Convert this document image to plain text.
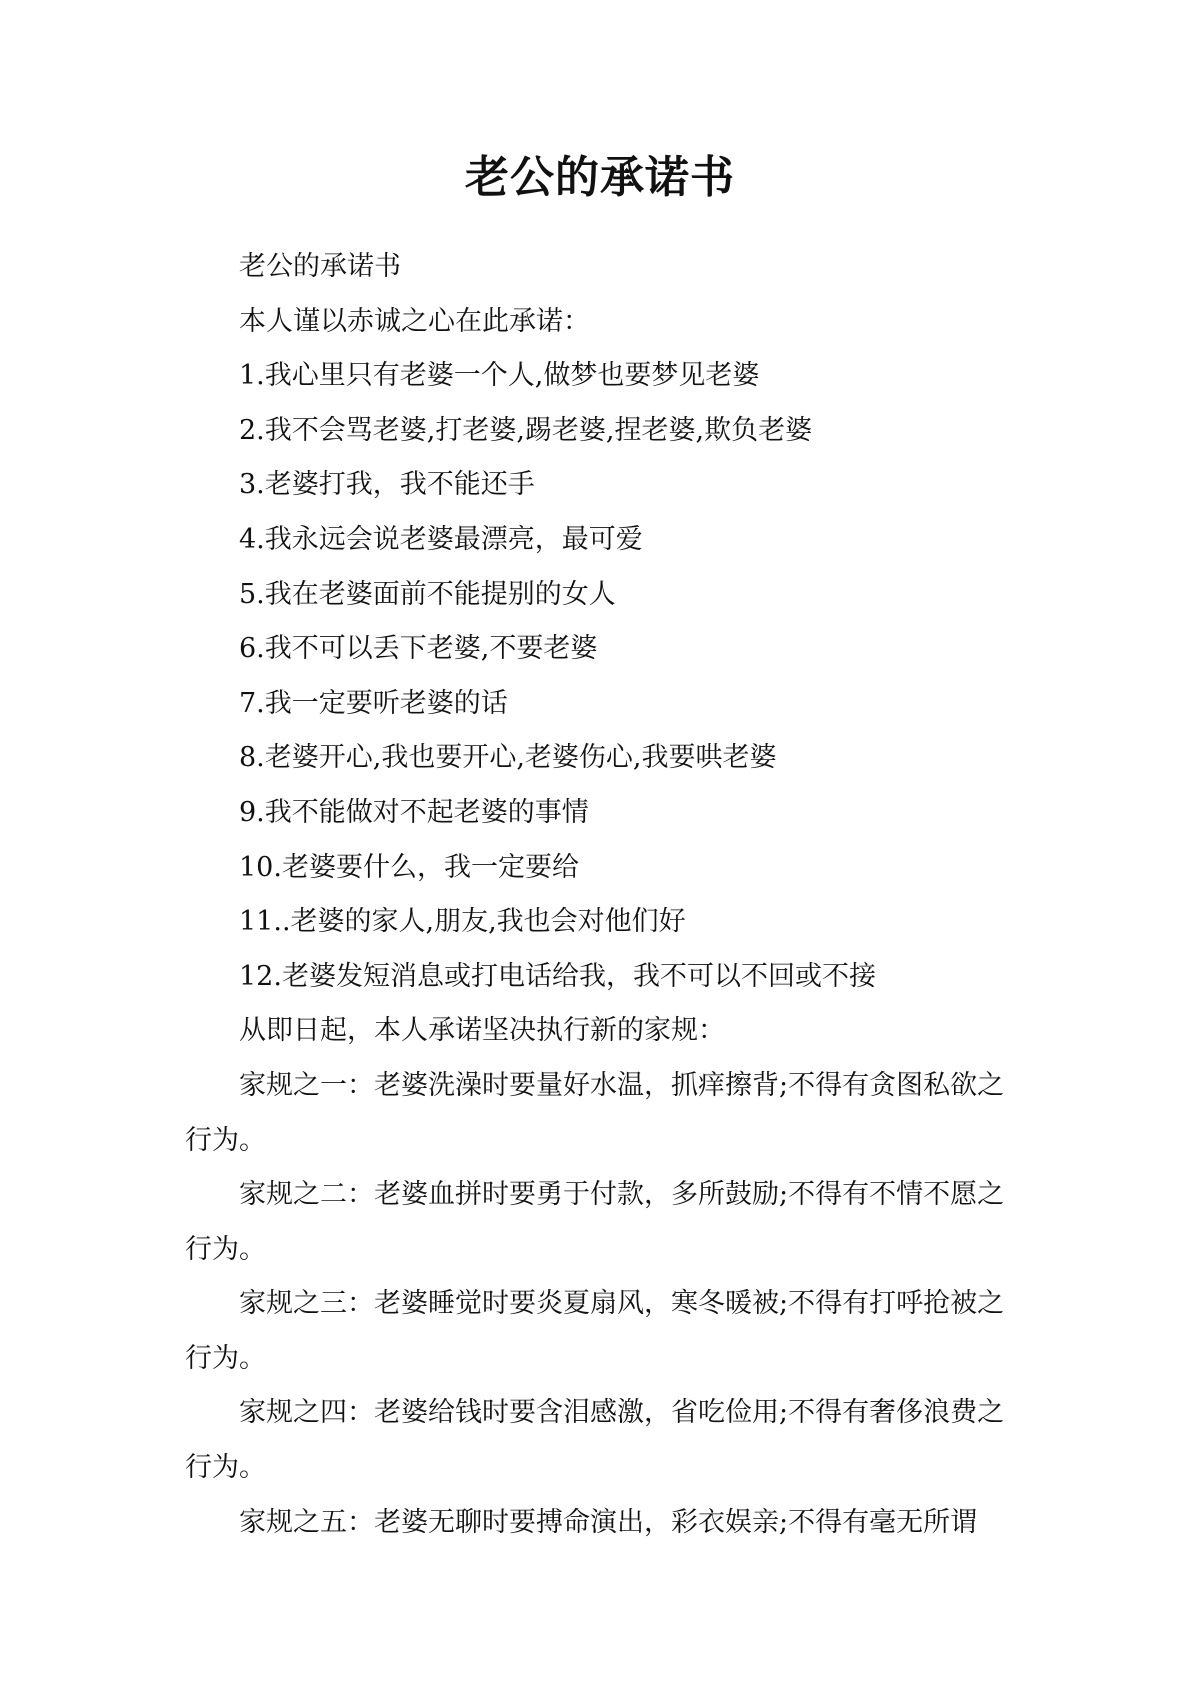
老公的承诺书

老公的承诺书

本人谨以赤诚之心在此承诺：

1.我心里只有老婆一个人,做梦也要梦见老婆

2.我不会骂老婆,打老婆,踢老婆,捏老婆,欺负老婆

3.老婆打我，我不能还手

4.我永远会说老婆最漂亮，最可爱

5.我在老婆面前不能提别的女人

6.我不可以丢下老婆,不要老婆

7.我一定要听老婆的话

8.老婆开心,我也要开心,老婆伤心,我要哄老婆

9.我不能做对不起老婆的事情

10.老婆要什么，我一定要给

11..老婆的家人,朋友,我也会对他们好

12.老婆发短消息或打电话给我，我不可以不回或不接

从即日起，本人承诺坚决执行新的家规：

家规之一：老婆洗澡时要量好水温，抓痒擦背;不得有贪图私欲之行为。

家规之二：老婆血拼时要勇于付款，多所鼓励;不得有不情不愿之行为。

家规之三：老婆睡觉时要炎夏扇风，寒冬暖被;不得有打呼抢被之行为。

家规之四：老婆给钱时要含泪感激，省吃俭用;不得有奢侈浪费之行为。

家规之五：老婆无聊时要搏命演出，彩衣娱亲;不得有毫无所谓
